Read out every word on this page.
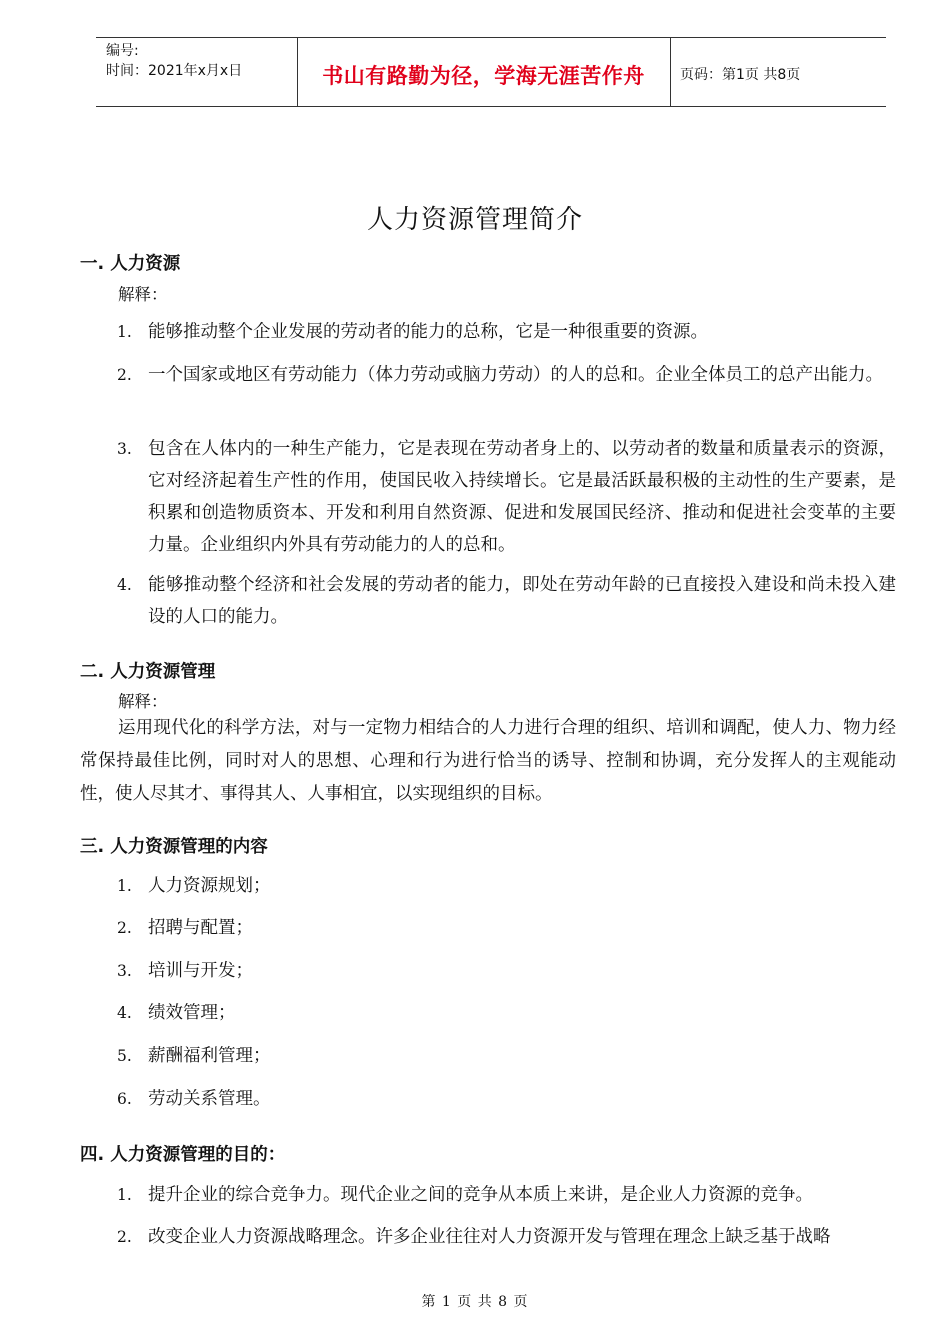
编号:
时间：2021年x月x日	书山有路勤为径，学海无涯苦作舟	页码：第1页 共8页
人力资源管理简介
一. 人力资源
解释：
1. 能够推动整个企业发展的劳动者的能力的总称，它是一种很重要的资源。
2. 一个国家或地区有劳动能力（体力劳动或脑力劳动）的人的总和。企业全体员工的总产出能力。
3. 包含在人体内的一种生产能力，它是表现在劳动者身上的、以劳动者的数量和质量表示的资源，它对经济起着生产性的作用，使国民收入持续增长。它是最活跃最积极的主动性的生产要素，是积累和创造物质资本、开发和利用自然资源、促进和发展国民经济、推动和促进社会变革的主要力量。企业组织内外具有劳动能力的人的总和。
4. 能够推动整个经济和社会发展的劳动者的能力，即处在劳动年龄的已直接投入建设和尚未投入建设的人口的能力。
二. 人力资源管理
解释：
运用现代化的科学方法，对与一定物力相结合的人力进行合理的组织、培训和调配，使人力、物力经常保持最佳比例，同时对人的思想、心理和行为进行恰当的诱导、控制和协调，充分发挥人的主观能动性，使人尽其才、事得其人、人事相宜，以实现组织的目标。
三. 人力资源管理的内容
1. 人力资源规划；
2. 招聘与配置；
3. 培训与开发；
4. 绩效管理；
5. 薪酬福利管理；
6. 劳动关系管理。
四. 人力资源管理的目的：
1. 提升企业的综合竞争力。现代企业之间的竞争从本质上来讲，是企业人力资源的竞争。
2. 改变企业人力资源战略理念。许多企业往往对人力资源开发与管理在理念上缺乏基于战略
第 1 页 共 8 页
